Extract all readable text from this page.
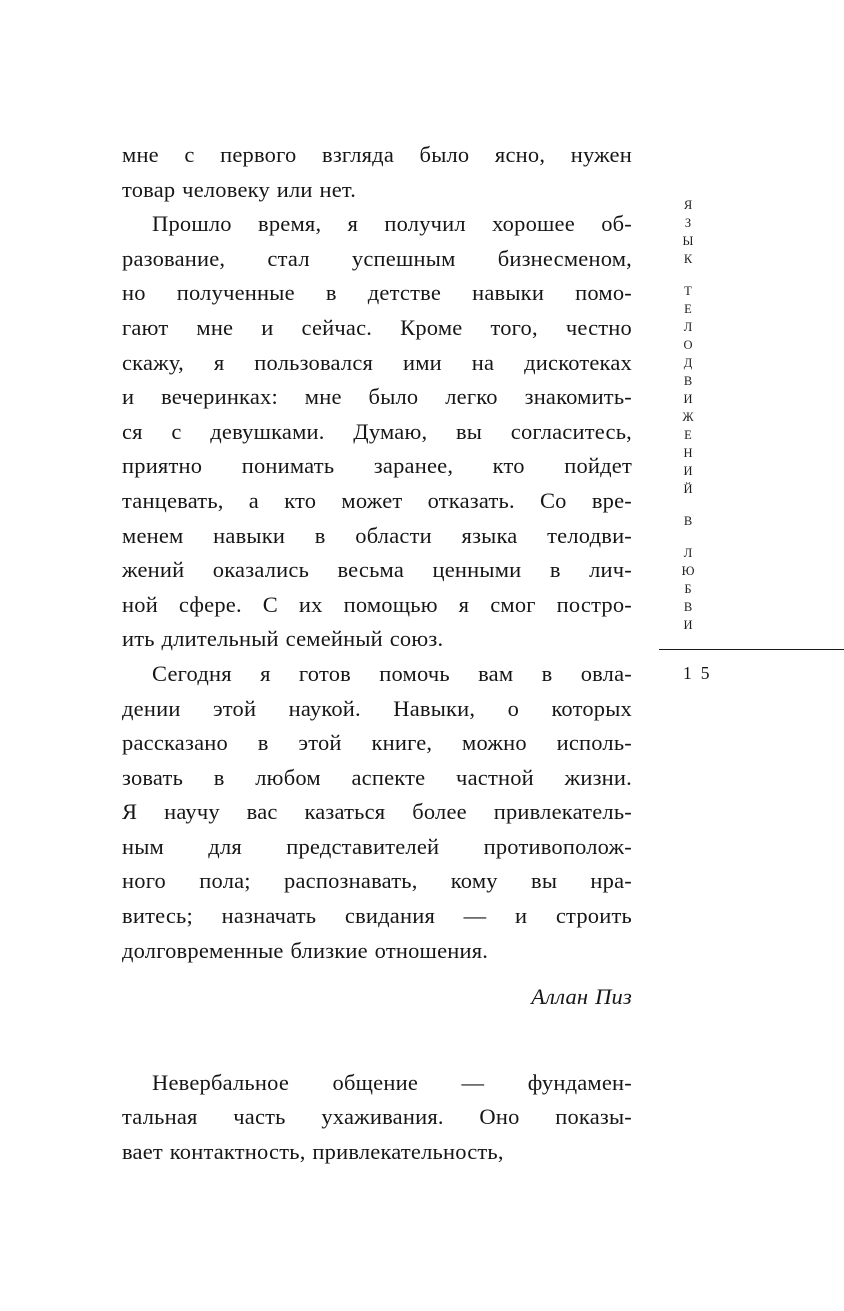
мне с первого взгляда было ясно, нужен
товар человеку или нет.
Прошло время, я получил хорошее об-
разование, стал успешным бизнесменом,
но полученные в детстве навыки помо-
гают мне и сейчас. Кроме того, честно
скажу, я пользовался ими на дискотеках
и вечеринках: мне было легко знакомить-
ся с девушками. Думаю, вы согласитесь,
приятно понимать заранее, кто пойдет
танцевать, а кто может отказать. Со вре-
менем навыки в области языка телодви-
жений оказались весьма ценными в лич-
ной сфере. С их помощью я смог постро-
ить длительный семейный союз.
Сегодня я готов помочь вам в овла-
дении этой наукой. Навыки, о которых
рассказано в этой книге, можно исполь-
зовать в любом аспекте частной жизни.
Я научу вас казаться более привлекатель-
ным для представителей противополож-
ного пола; распознавать, кому вы нра-
витесь; назначать свидания — и строить
долговременные близкие отношения.
Аллан Пиз
Невербальное общение — фундамен-
тальная часть ухаживания. Оно показы-
вает контактность, привлекательность,
Я
З
Ы
К
Т
Е
Л
О
Д
В
И
Ж
Е
Н
И
Й
В
Л
Ю
Б
В
И
15
